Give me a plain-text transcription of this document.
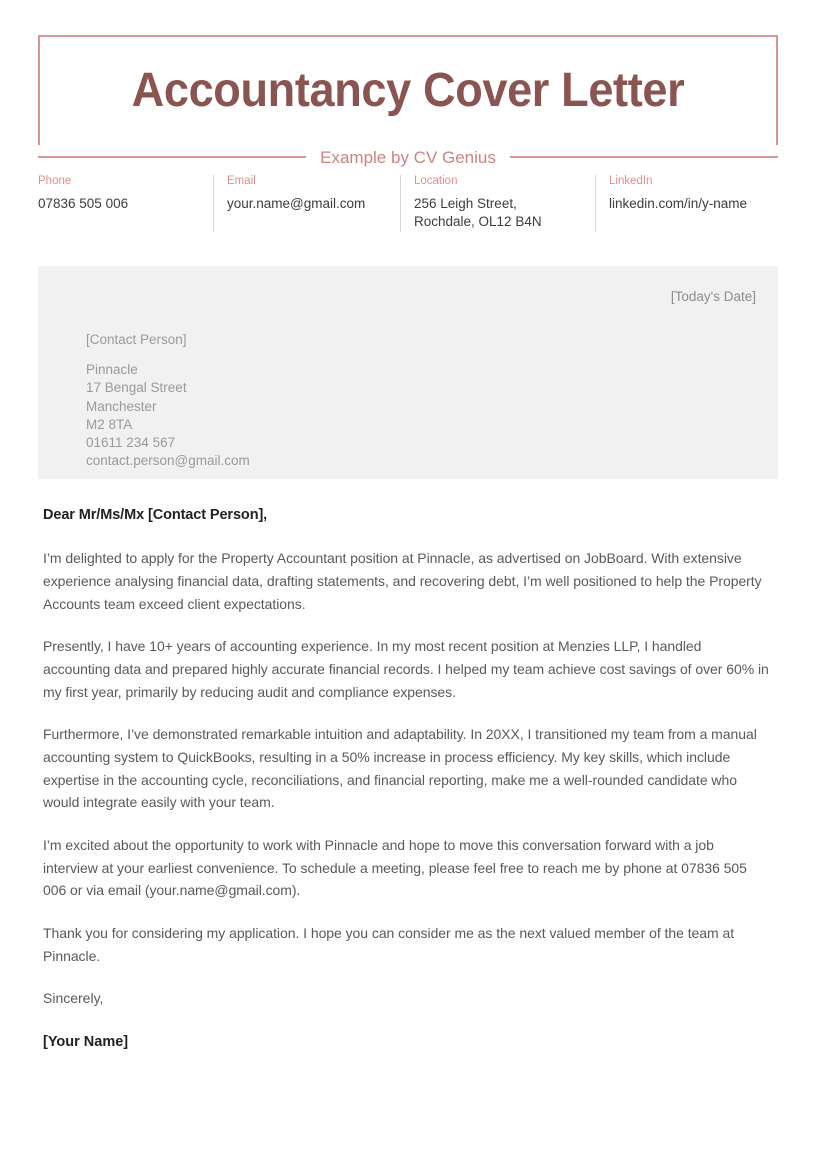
Accountancy Cover Letter
Example by CV Genius
Phone
07836 505 006
Email
your.name@gmail.com
Location
256 Leigh Street, Rochdale, OL12 B4N
LinkedIn
linkedin.com/in/y-name
[Today's Date]
[Contact Person]
Pinnacle
17 Bengal Street
Manchester
M2 8TA
01611 234 567
contact.person@gmail.com

Dear Mr/Ms/Mx [Contact Person],

I’m delighted to apply for the Property Accountant position at Pinnacle, as advertised on JobBoard. With extensive experience analysing financial data, drafting statements, and recovering debt, I’m well positioned to help the Property Accounts team exceed client expectations.

Presently, I have 10+ years of accounting experience. In my most recent position at Menzies LLP, I handled accounting data and prepared highly accurate financial records. I helped my team achieve cost savings of over 60% in my first year, primarily by reducing audit and compliance expenses.

Furthermore, I’ve demonstrated remarkable intuition and adaptability. In 20XX, I transitioned my team from a manual accounting system to QuickBooks, resulting in a 50% increase in process efficiency. My key skills, which include expertise in the accounting cycle, reconciliations, and financial reporting, make me a well-rounded candidate who would integrate easily with your team.

I’m excited about the opportunity to work with Pinnacle and hope to move this conversation forward with a job interview at your earliest convenience. To schedule a meeting, please feel free to reach me by phone at 07836 505 006 or via email (your.name@gmail.com).

Thank you for considering my application. I hope you can consider me as the next valued member of the team at Pinnacle.

Sincerely,

[Your Name]
